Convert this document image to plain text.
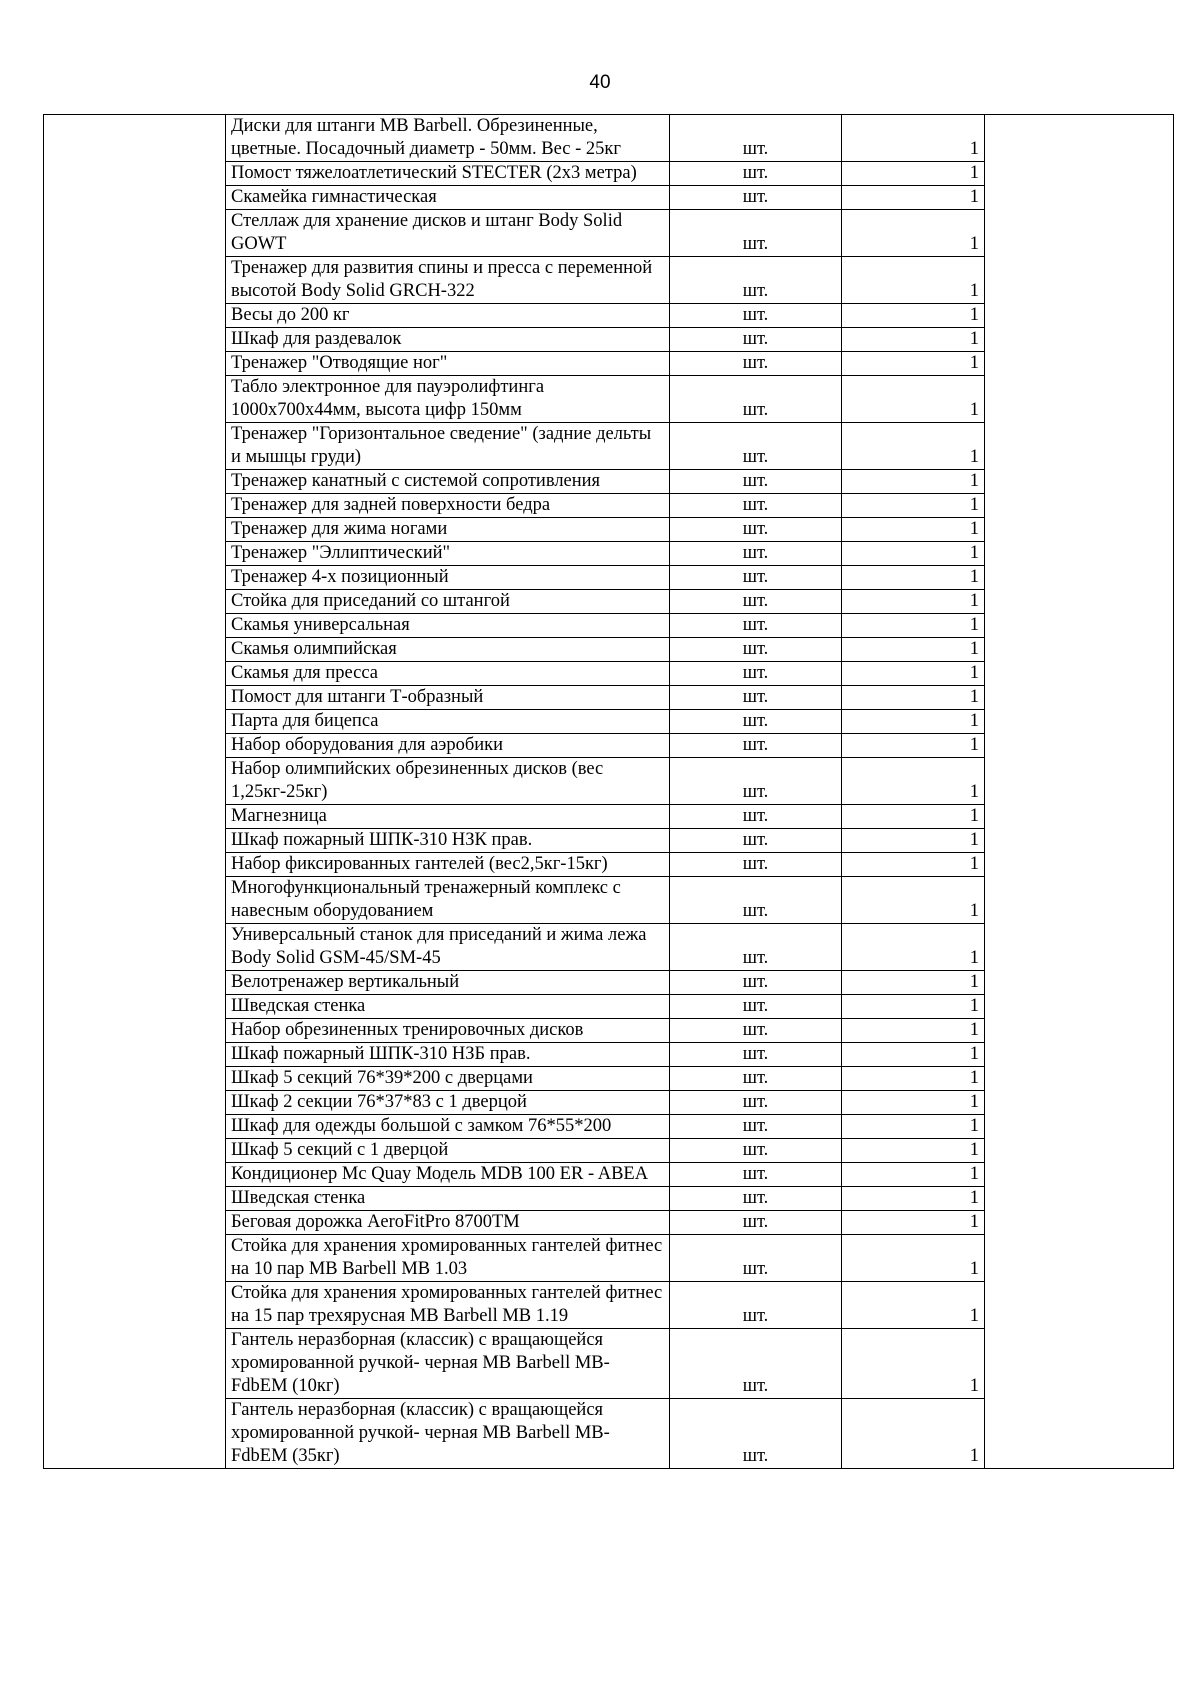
40
	Диски для штанги MB Barbell. Обрезиненные, цветные. Посадочный диаметр - 50мм. Вес - 25кг	шт.	1	
	Помост тяжелоатлетический STECTER (2x3 метра)	шт.	1	
	Скамейка гимнастическая	шт.	1	
	Стеллаж для хранение дисков и штанг Body Solid GOWT	шт.	1	
	Тренажер для развития спины и пресса с переменной высотой Body Solid GRCH-322	шт.	1	
	Весы до 200 кг	шт.	1	
	Шкаф для раздевалок	шт.	1	
	Тренажер "Отводящие ног"	шт.	1	
	Табло электронное для пауэролифтинга 1000x700x44мм, высота цифр 150мм	шт.	1	
	Тренажер "Горизонтальное сведение" (задние дельты и мышцы груди)	шт.	1	
	Тренажер канатный с системой сопротивления	шт.	1	
	Тренажер для задней поверхности бедра	шт.	1	
	Тренажер для жима ногами	шт.	1	
	Тренажер "Эллиптический"	шт.	1	
	Тренажер 4-х позиционный	шт.	1	
	Стойка для приседаний со штангой	шт.	1	
	Скамья универсальная	шт.	1	
	Скамья олимпийская	шт.	1	
	Скамья для пресса	шт.	1	
	Помост для штанги Т-образный	шт.	1	
	Парта для бицепса	шт.	1	
	Набор оборудования для аэробики	шт.	1	
	Набор олимпийских обрезиненных дисков (вес 1,25кг-25кг)	шт.	1	
	Магнезница	шт.	1	
	Шкаф пожарный ШПК-310 НЗК прав.	шт.	1	
	Набор фиксированных гантелей (вес2,5кг-15кг)	шт.	1	
	Многофункциональный тренажерный комплекс с навесным оборудованием	шт.	1	
	Универсальный станок для приседаний и жима лежа Body Solid GSM-45/SM-45	шт.	1	
	Велотренажер вертикальный	шт.	1	
	Шведская стенка	шт.	1	
	Набор обрезиненных тренировочных дисков	шт.	1	
	Шкаф пожарный ШПК-310 НЗБ прав.	шт.	1	
	Шкаф 5 секций 76*39*200 с дверцами	шт.	1	
	Шкаф 2 секции 76*37*83 с 1 дверцой	шт.	1	
	Шкаф для одежды большой с замком 76*55*200	шт.	1	
	Шкаф 5 секций с 1 дверцой	шт.	1	
	Кондиционер Mc Quay Модель MDB 100 ER - ABEA	шт.	1	
	Шведская стенка	шт.	1	
	Беговая дорожка AeroFitPro 8700TM	шт.	1	
	Стойка для хранения хромированных гантелей фитнес на 10 пар MB Barbell MB 1.03	шт.	1	
	Стойка для хранения хромированных гантелей фитнес на 15 пар трехярусная MB Barbell MB 1.19	шт.	1	
	Гантель неразборная (классик) с вращающейся хромированной ручкой- черная MB Barbell MB-FdbEM (10кг)	шт.	1	
	Гантель неразборная (классик) с вращающейся хромированной ручкой- черная MB Barbell MB-FdbEM (35кг)	шт.	1	
